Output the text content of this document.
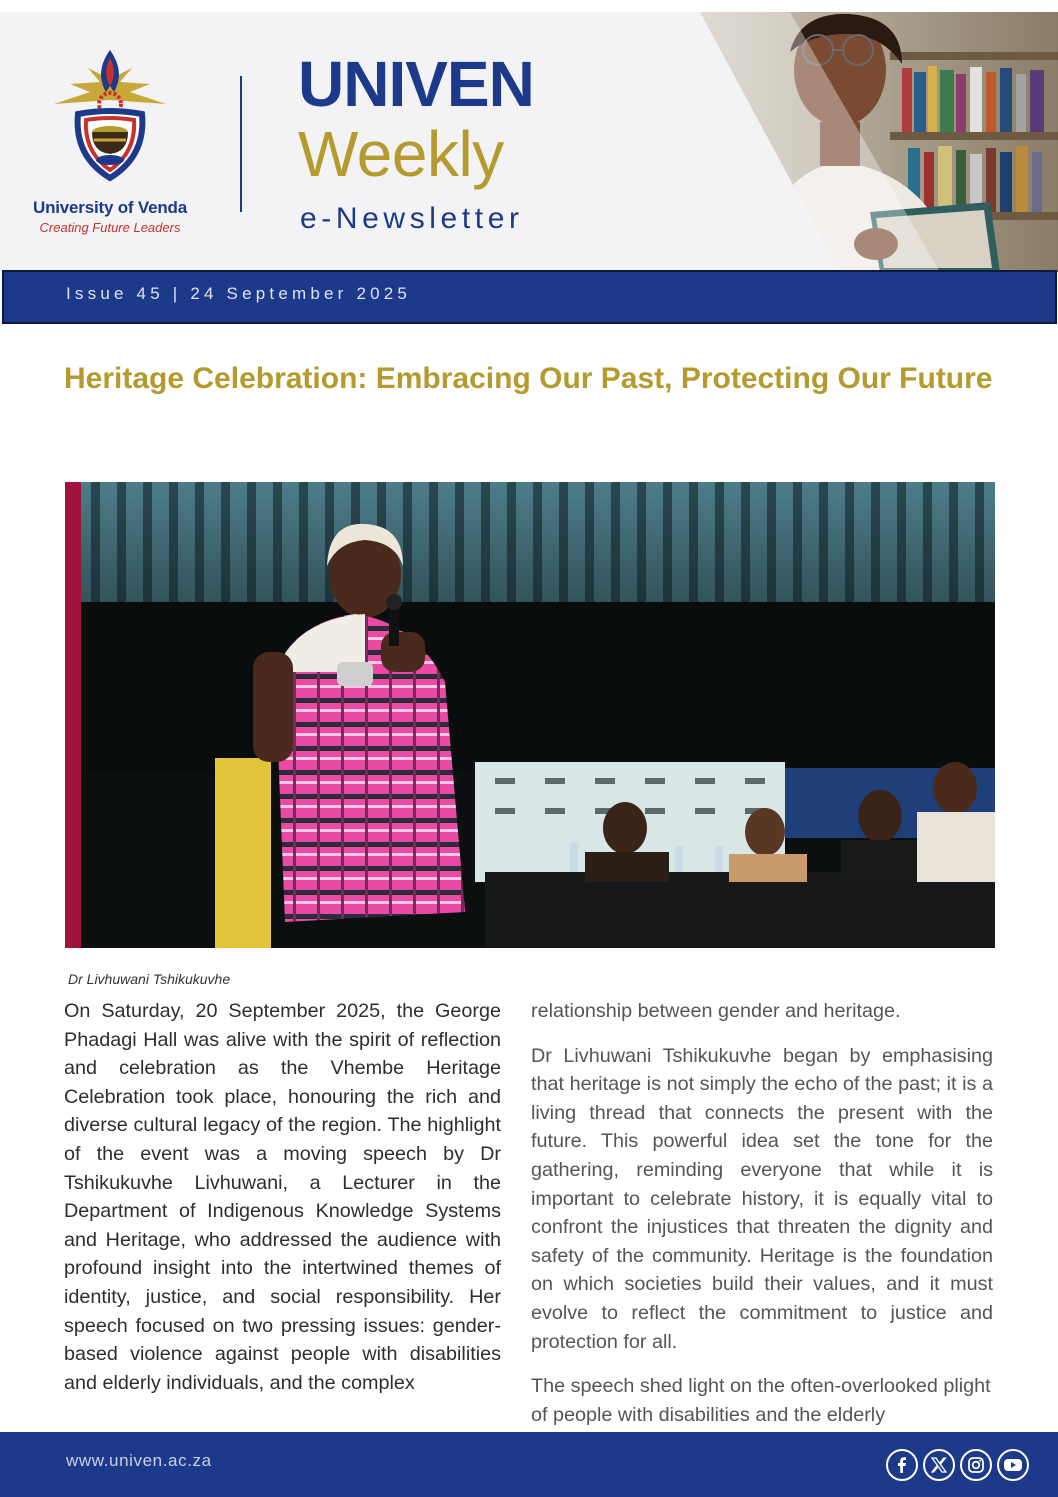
University of Venda
Creating Future Leaders
UNIVEN
Weekly
e-Newsletter
Issue 45 | 24 September 2025
Heritage Celebration: Embracing Our Past, Protecting Our Future
Dr Livhuwani Tshikukuvhe

On Saturday, 20 September 2025, the George Phadagi Hall was alive with the spirit of reflection and celebration as the Vhembe Heritage Celebration took place, honouring the rich and diverse cultural legacy of the region. The highlight of the event was a moving speech by Dr Tshikukuvhe Livhuwani, a Lecturer in the Department of Indigenous Knowledge Systems and Heritage, who addressed the audience with profound insight into the intertwined themes of identity, justice, and social responsibility. Her speech focused on two pressing issues: gender-based violence against people with disabilities and elderly individuals, and the complex

relationship between gender and heritage.

Dr Livhuwani Tshikukuvhe began by emphasising that heritage is not simply the echo of the past; it is a living thread that connects the present with the future. This powerful idea set the tone for the gathering, reminding everyone that while it is important to celebrate history, it is equally vital to confront the injustices that threaten the dignity and safety of the community. Heritage is the foundation on which societies build their values, and it must evolve to reflect the commitment to justice and protection for all.

The speech shed light on the often-overlooked plight of people with disabilities and the elderly

www.univen.ac.za
